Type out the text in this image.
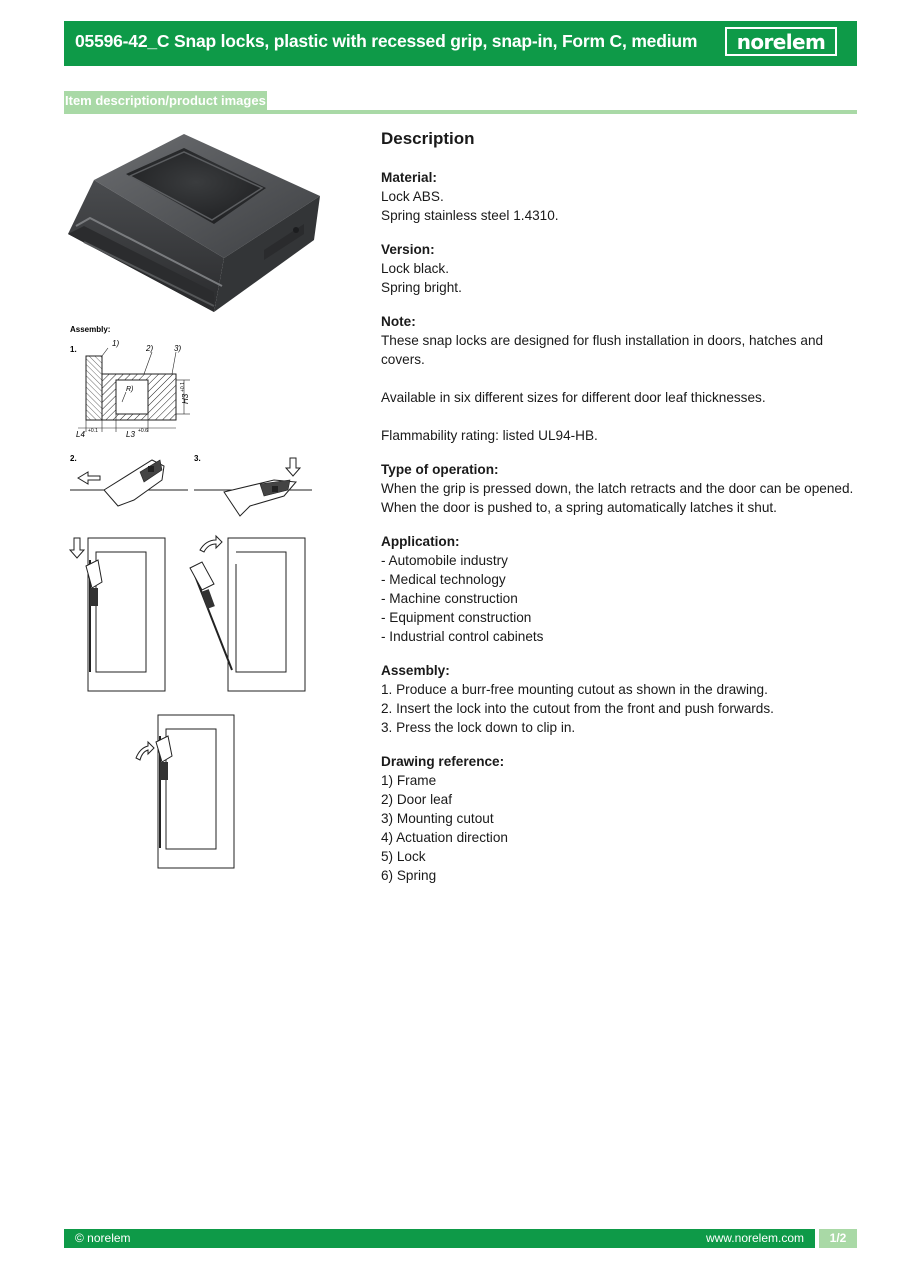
05596-42_C Snap locks, plastic with recessed grip, snap-in, Form C, medium norelem
Item description/product images
Assembly:
1.
1)
2)	3)
R)
H3
+0.1
L4 +0.1	L3 +0.6
2.	3.
Description
Material:
Lock ABS.
Spring stainless steel 1.4310.
Version:
Lock black.
Spring bright.
Note:
These snap locks are designed for flush installation in doors, hatches and covers.
Available in six different sizes for different door leaf thicknesses.
Flammability rating: listed UL94-HB.
Type of operation:
When the grip is pressed down, the latch retracts and the door can be opened. When the door is pushed to, a spring automatically latches it shut.
Application:
- Automobile industry
- Medical technology
- Machine construction
- Equipment construction
- Industrial control cabinets
Assembly:
1. Produce a burr-free mounting cutout as shown in the drawing.
2. Insert the lock into the cutout from the front and push forwards.
3. Press the lock down to clip in.
Drawing reference:
1) Frame
2) Door leaf
3) Mounting cutout
4) Actuation direction
5) Lock
6) Spring
© norelem	www.norelem.com	1/2
